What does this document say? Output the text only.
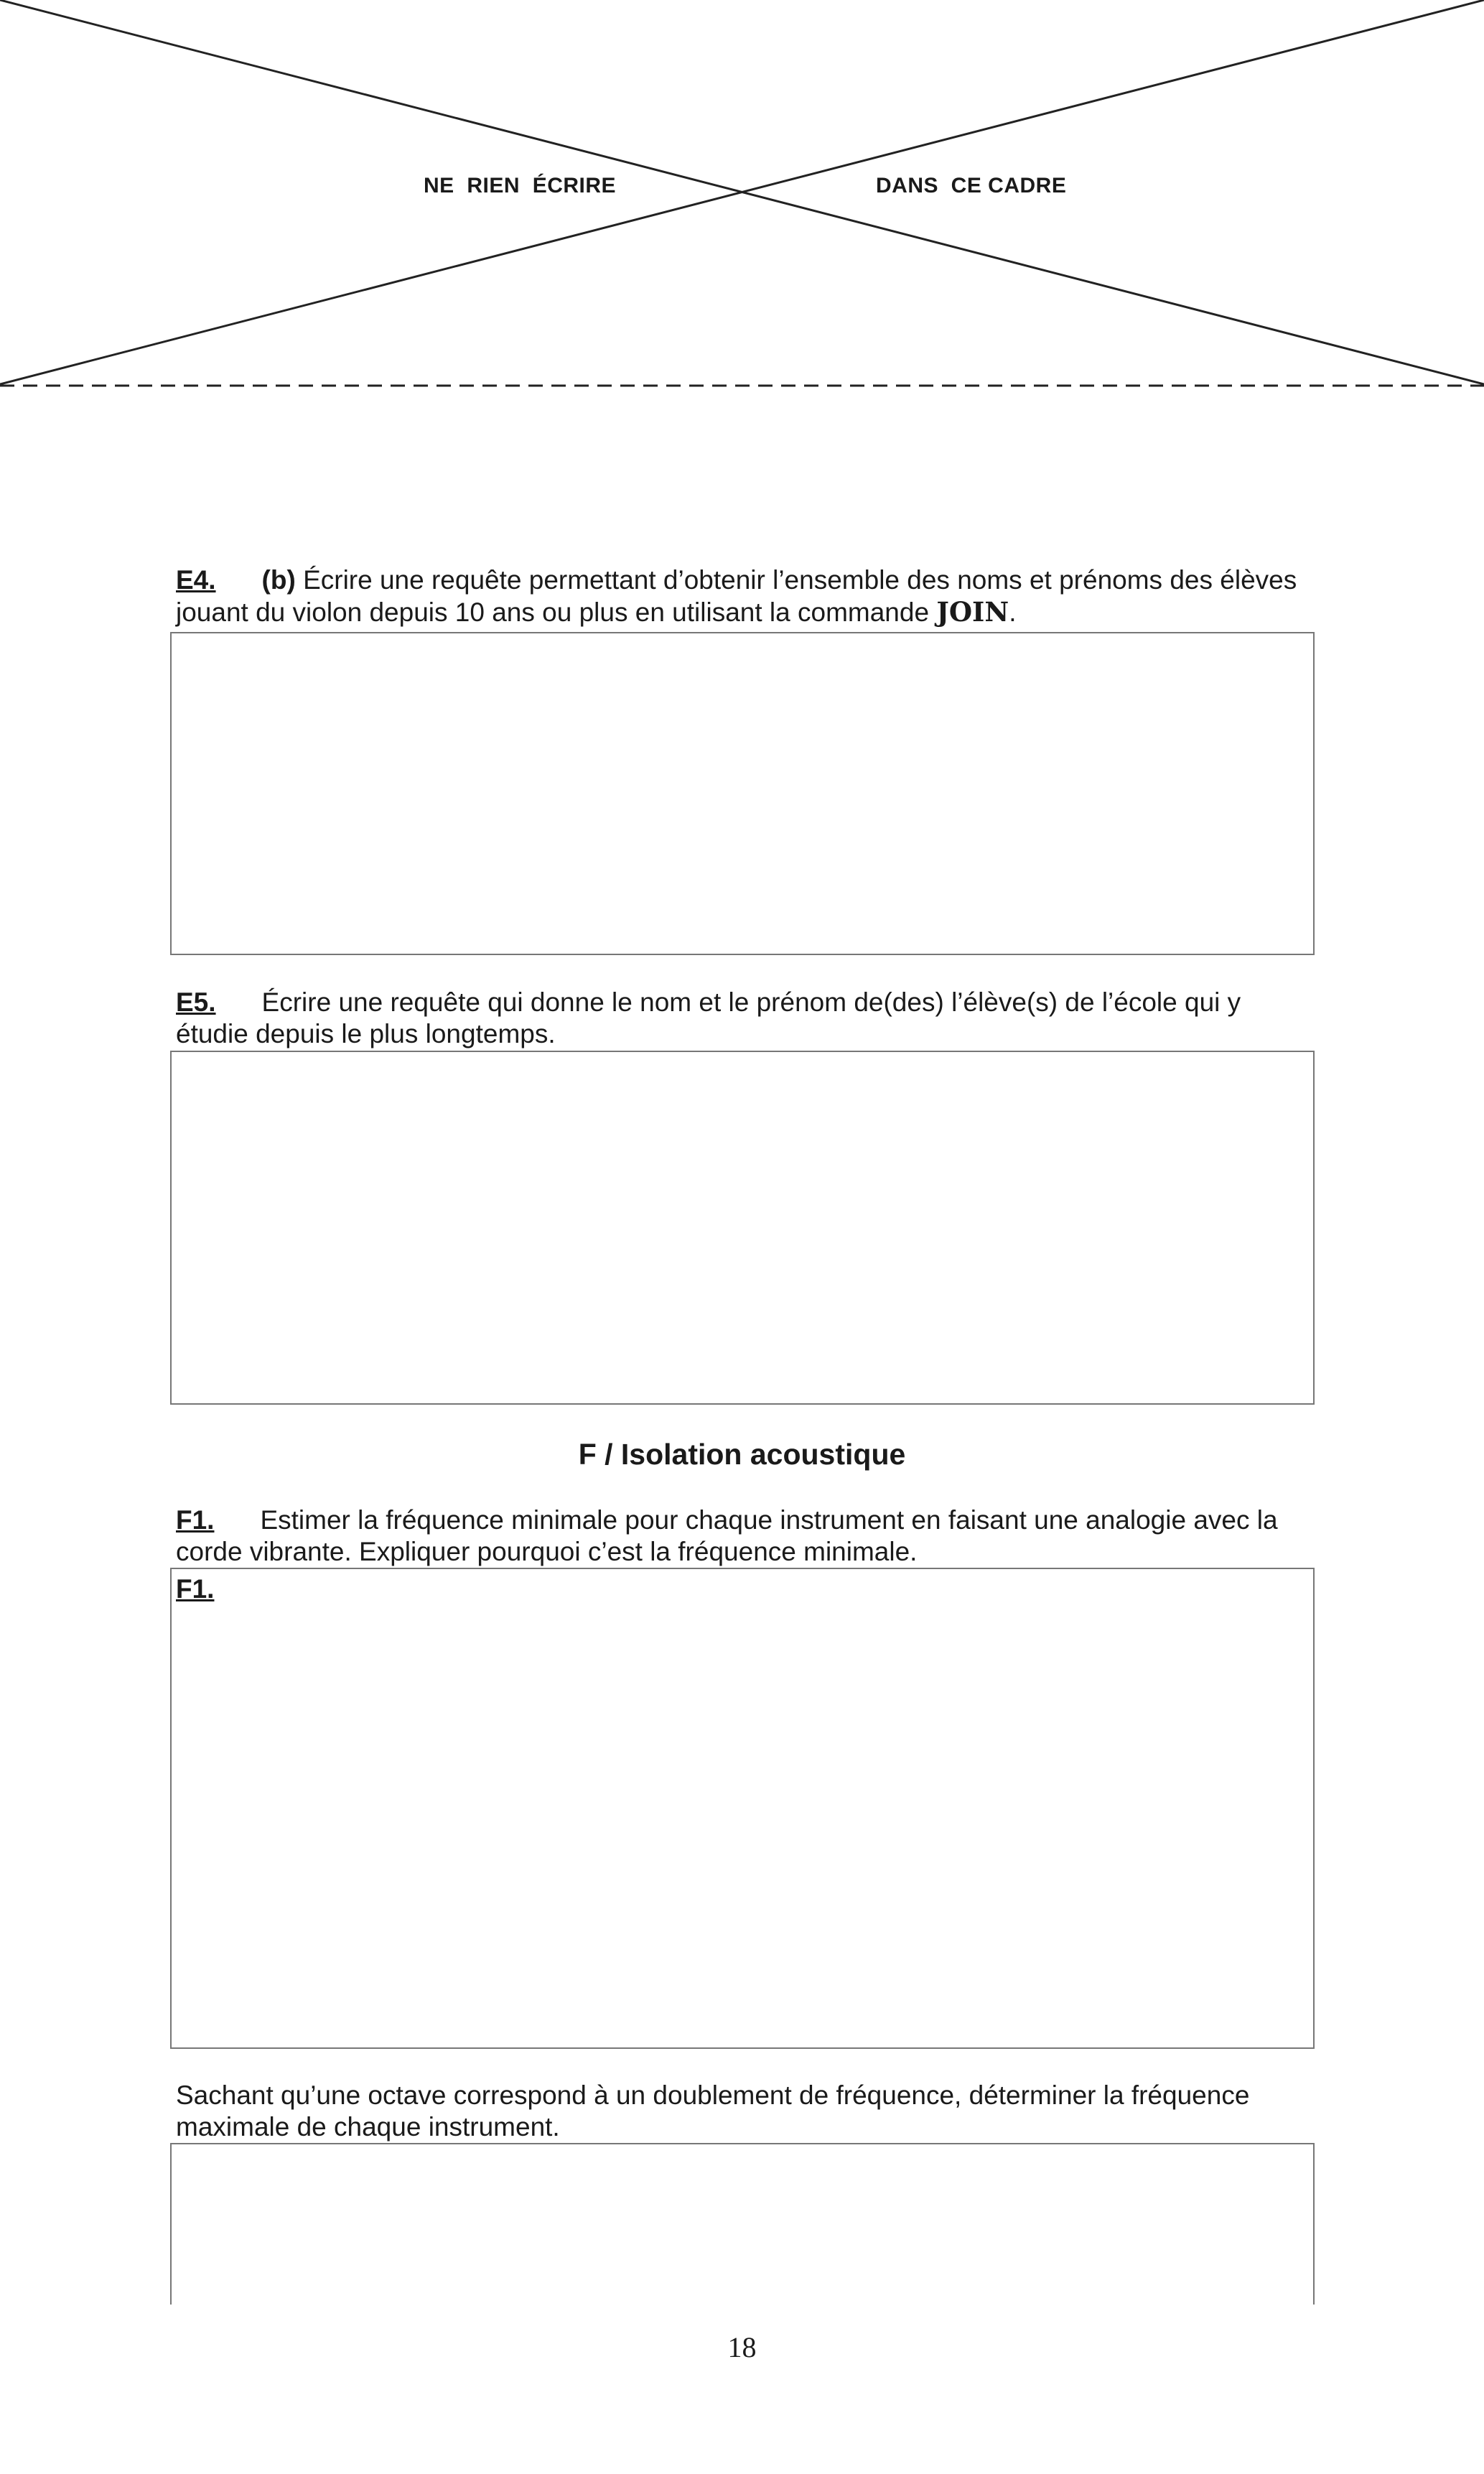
NE  RIEN  ÉCRIRE	DANS  CE CADRE
E4. (b) Écrire une requête permettant d’obtenir l’ensemble des noms et prénoms des élèves jouant du violon depuis 10 ans ou plus en utilisant la commande JOIN.
E5. Écrire une requête qui donne le nom et le prénom de(des) l’élève(s) de l’école qui y étudie depuis le plus longtemps.
F / Isolation acoustique
F1. Estimer la fréquence minimale pour chaque instrument en faisant une analogie avec la corde vibrante. Expliquer pourquoi c’est la fréquence minimale.
F1.
Sachant qu’une octave correspond à un doublement de fréquence, déterminer la fréquence maximale de chaque instrument.
18
